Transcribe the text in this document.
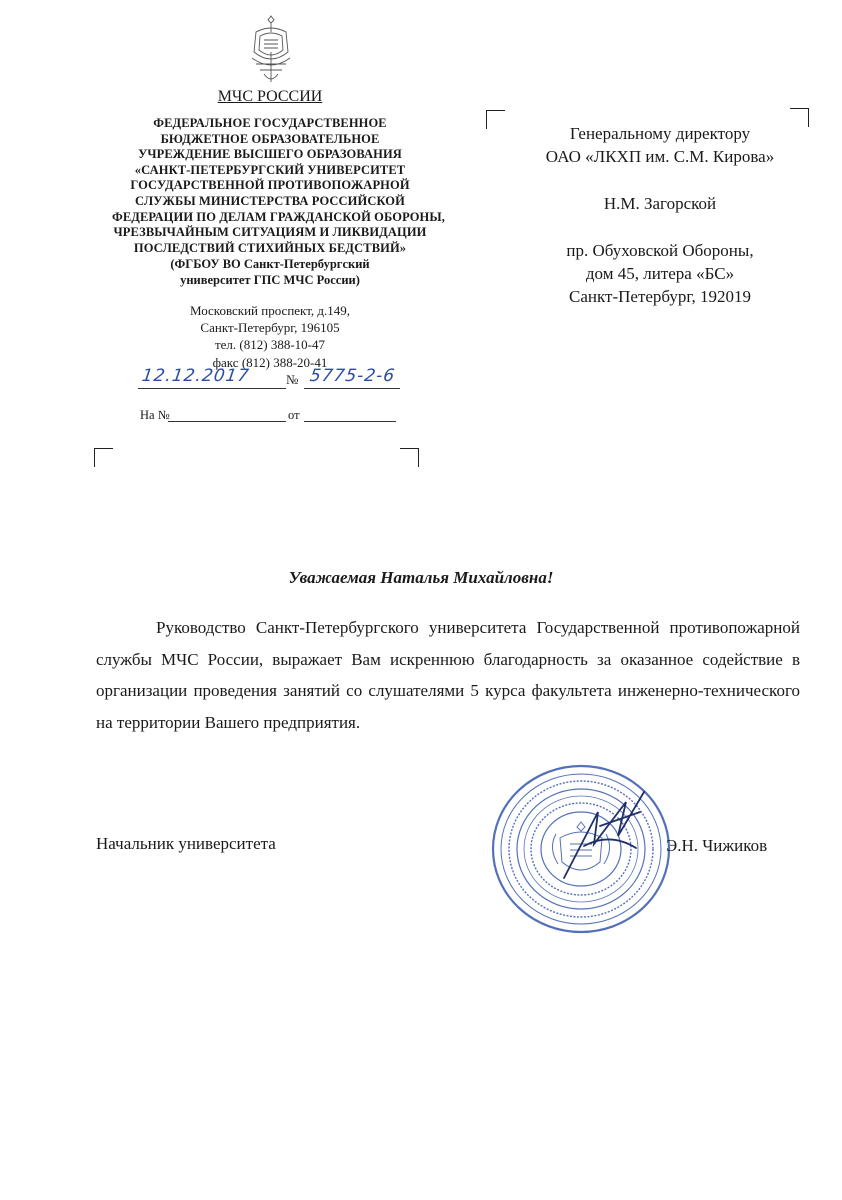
МЧС РОССИИ
ФЕДЕРАЛЬНОЕ ГОСУДАРСТВЕННОЕ
БЮДЖЕТНОЕ ОБРАЗОВАТЕЛЬНОЕ
УЧРЕЖДЕНИЕ ВЫСШЕГО ОБРАЗОВАНИЯ
«САНКТ-ПЕТЕРБУРГСКИЙ УНИВЕРСИТЕТ
ГОСУДАРСТВЕННОЙ ПРОТИВОПОЖАРНОЙ
СЛУЖБЫ МИНИСТЕРСТВА РОССИЙСКОЙ
ФЕДЕРАЦИИ ПО ДЕЛАМ ГРАЖДАНСКОЙ ОБОРОНЫ,
ЧРЕЗВЫЧАЙНЫМ СИТУАЦИЯМ И ЛИКВИДАЦИИ
ПОСЛЕДСТВИЙ СТИХИЙНЫХ БЕДСТВИЙ»
(ФГБОУ ВО Санкт-Петербургский
университет ГПС МЧС России)
Московский проспект, д.149,
Санкт-Петербург, 196105
тел. (812) 388-10-47
факс (812) 388-20-41
12.12.2017	№ 5775-2-6
На №	от
Генеральному директору
ОАО «ЛКХП им. С.М. Кирова»
Н.М. Загорской
пр. Обуховской Обороны,
дом 45, литера «БС»
Санкт-Петербург, 192019
Уважаемая Наталья Михайловна!
Руководство Санкт-Петербургского университета Государственной противопожарной службы МЧС России, выражает Вам искреннюю благодарность за оказанное содействие в организации проведения занятий со слушателями 5 курса факультета инженерно-технического на территории Вашего предприятия.
Начальник университета	Э.Н. Чижиков
